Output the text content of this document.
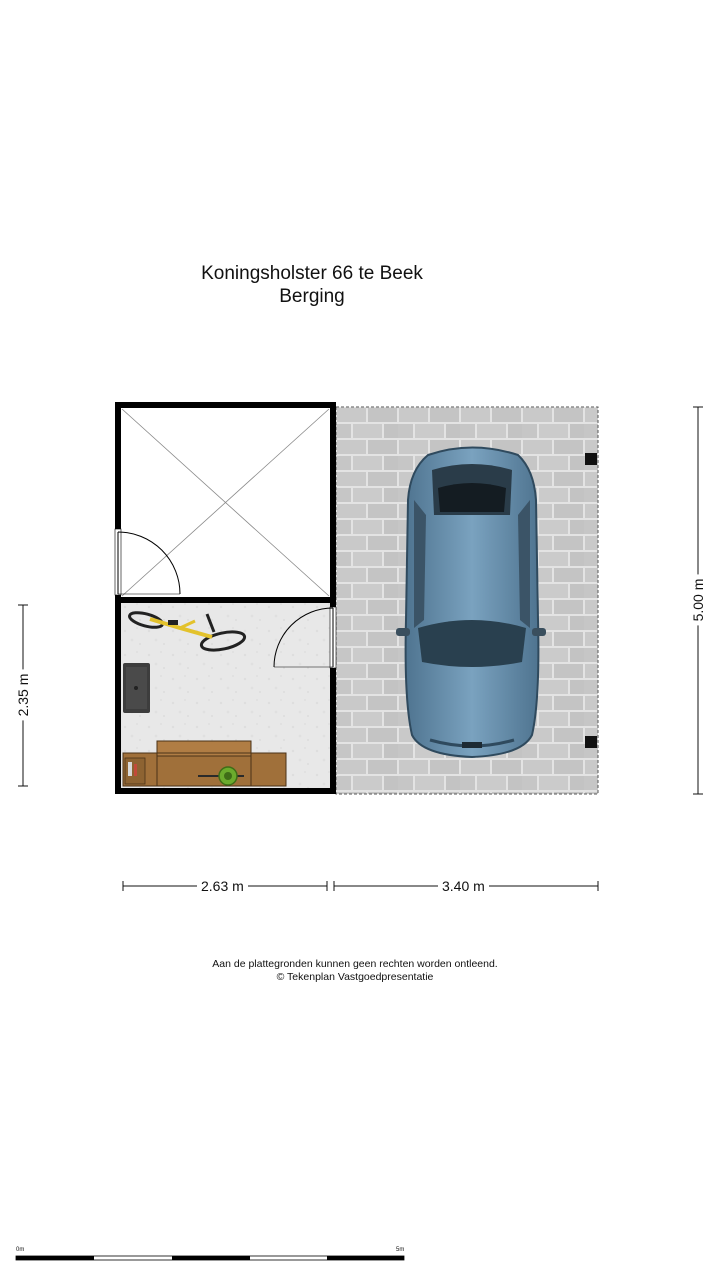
Koningsholster 66 te Beek
Berging
2.35 m
5.00 m
2.63 m	3.40 m
Aan de plattegronden kunnen geen rechten worden ontleend.
© Tekenplan Vastgoedpresentatie
0m	5m
